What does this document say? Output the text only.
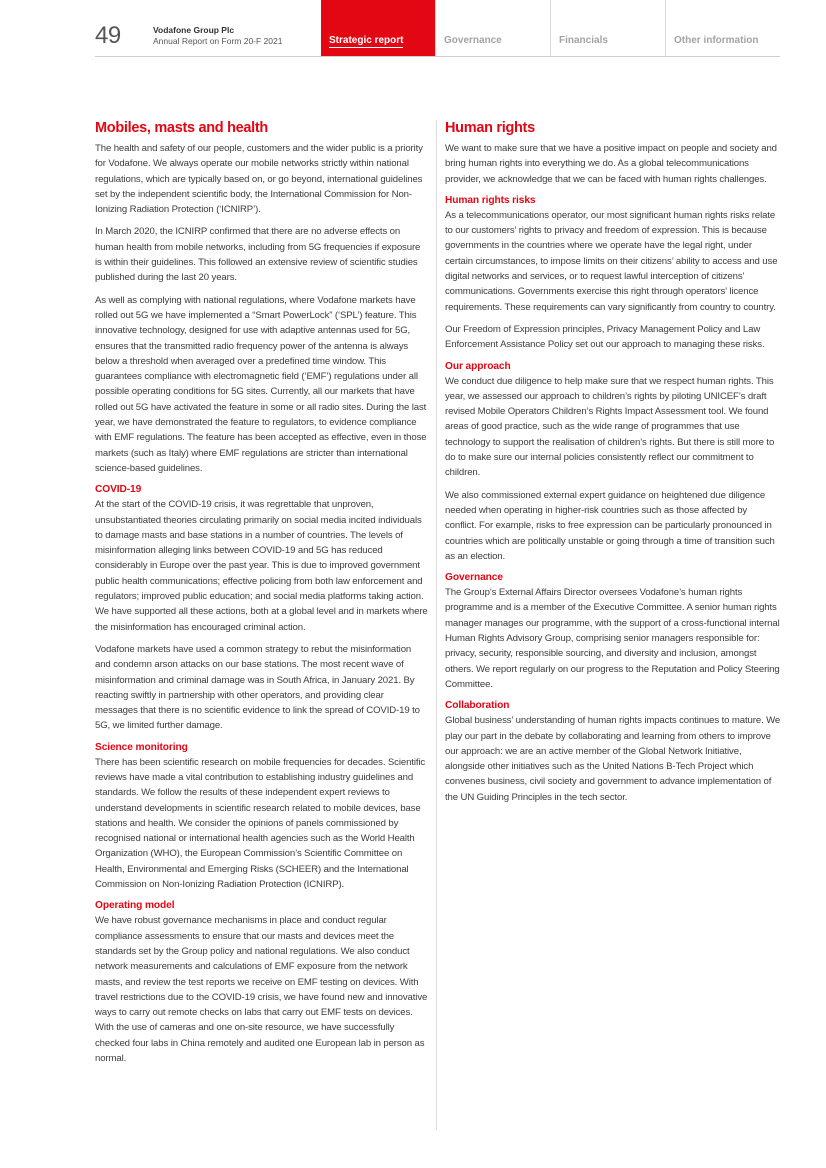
49	Vodafone Group Plc
Annual Report on Form 20-F 2021	Strategic report	Governance	Financials	Other information
Mobiles, masts and health

The health and safety of our people, customers and the wider public is a priority for Vodafone. We always operate our mobile networks strictly within national regulations, which are typically based on, or go beyond, international guidelines set by the independent scientific body, the International Commission for Non-Ionizing Radiation Protection (‘ICNIRP’).

In March 2020, the ICNIRP confirmed that there are no adverse effects on human health from mobile networks, including from 5G frequencies if exposure is within their guidelines. This followed an extensive review of scientific studies published during the last 20 years.

As well as complying with national regulations, where Vodafone markets have rolled out 5G we have implemented a “Smart PowerLock” (‘SPL’) feature. This innovative technology, designed for use with adaptive antennas used for 5G, ensures that the transmitted radio frequency power of the antenna is always below a threshold when averaged over a predefined time window. This guarantees compliance with electromagnetic field (‘EMF’) regulations under all possible operating conditions for 5G sites. Currently, all our markets that have rolled out 5G have activated the feature in some or all radio sites. During the last year, we have demonstrated the feature to regulators, to evidence compliance with EMF regulations. The feature has been accepted as effective, even in those markets (such as Italy) where EMF regulations are stricter than international science-based guidelines.

COVID-19

At the start of the COVID-19 crisis, it was regrettable that unproven, unsubstantiated theories circulating primarily on social media incited individuals to damage masts and base stations in a number of countries. The levels of misinformation alleging links between COVID-19 and 5G has reduced considerably in Europe over the past year. This is due to improved government public health communications; effective policing from both law enforcement and regulators; improved public education; and social media platforms taking action. We have supported all these actions, both at a global level and in markets where the misinformation has encouraged criminal action.

Vodafone markets have used a common strategy to rebut the misinformation and condemn arson attacks on our base stations. The most recent wave of misinformation and criminal damage was in South Africa, in January 2021. By reacting swiftly in partnership with other operators, and providing clear messages that there is no scientific evidence to link the spread of COVID-19 to 5G, we limited further damage.

Science monitoring

There has been scientific research on mobile frequencies for decades. Scientific reviews have made a vital contribution to establishing industry guidelines and standards. We follow the results of these independent expert reviews to understand developments in scientific research related to mobile devices, base stations and health. We consider the opinions of panels commissioned by recognised national or international health agencies such as the World Health Organization (WHO), the European Commission’s Scientific Committee on Health, Environmental and Emerging Risks (SCHEER) and the International Commission on Non-Ionizing Radiation Protection (ICNIRP).

Operating model

We have robust governance mechanisms in place and conduct regular compliance assessments to ensure that our masts and devices meet the standards set by the Group policy and national regulations. We also conduct network measurements and calculations of EMF exposure from the network masts, and review the test reports we receive on EMF testing on devices. With travel restrictions due to the COVID-19 crisis, we have found new and innovative ways to carry out remote checks on labs that carry out EMF tests on devices. With the use of cameras and one on-site resource, we have successfully checked four labs in China remotely and audited one European lab in person as normal.

Human rights

We want to make sure that we have a positive impact on people and society and bring human rights into everything we do. As a global telecommunications provider, we acknowledge that we can be faced with human rights challenges.

Human rights risks

As a telecommunications operator, our most significant human rights risks relate to our customers’ rights to privacy and freedom of expression. This is because governments in the countries where we operate have the legal right, under certain circumstances, to impose limits on their citizens’ ability to access and use digital networks and services, or to request lawful interception of citizens’ communications. Governments exercise this right through operators’ licence requirements. These requirements can vary significantly from country to country.

Our Freedom of Expression principles, Privacy Management Policy and Law Enforcement Assistance Policy set out our approach to managing these risks.

Our approach

We conduct due diligence to help make sure that we respect human rights. This year, we assessed our approach to children’s rights by piloting UNICEF’s draft revised Mobile Operators Children’s Rights Impact Assessment tool. We found areas of good practice, such as the wide range of programmes that use technology to support the realisation of children’s rights. But there is still more to do to make sure our internal policies consistently reflect our commitment to children.

We also commissioned external expert guidance on heightened due diligence needed when operating in higher-risk countries such as those affected by conflict. For example, risks to free expression can be particularly pronounced in countries which are politically unstable or going through a time of transition such as an election.

Governance

The Group’s External Affairs Director oversees Vodafone’s human rights programme and is a member of the Executive Committee. A senior human rights manager manages our programme, with the support of a cross-functional internal Human Rights Advisory Group, comprising senior managers responsible for: privacy, security, responsible sourcing, and diversity and inclusion, amongst others. We report regularly on our progress to the Reputation and Policy Steering Committee.

Collaboration

Global business’ understanding of human rights impacts continues to mature. We play our part in the debate by collaborating and learning from others to improve our approach: we are an active member of the Global Network Initiative, alongside other initiatives such as the United Nations B-Tech Project which convenes business, civil society and government to advance implementation of the UN Guiding Principles in the tech sector.
